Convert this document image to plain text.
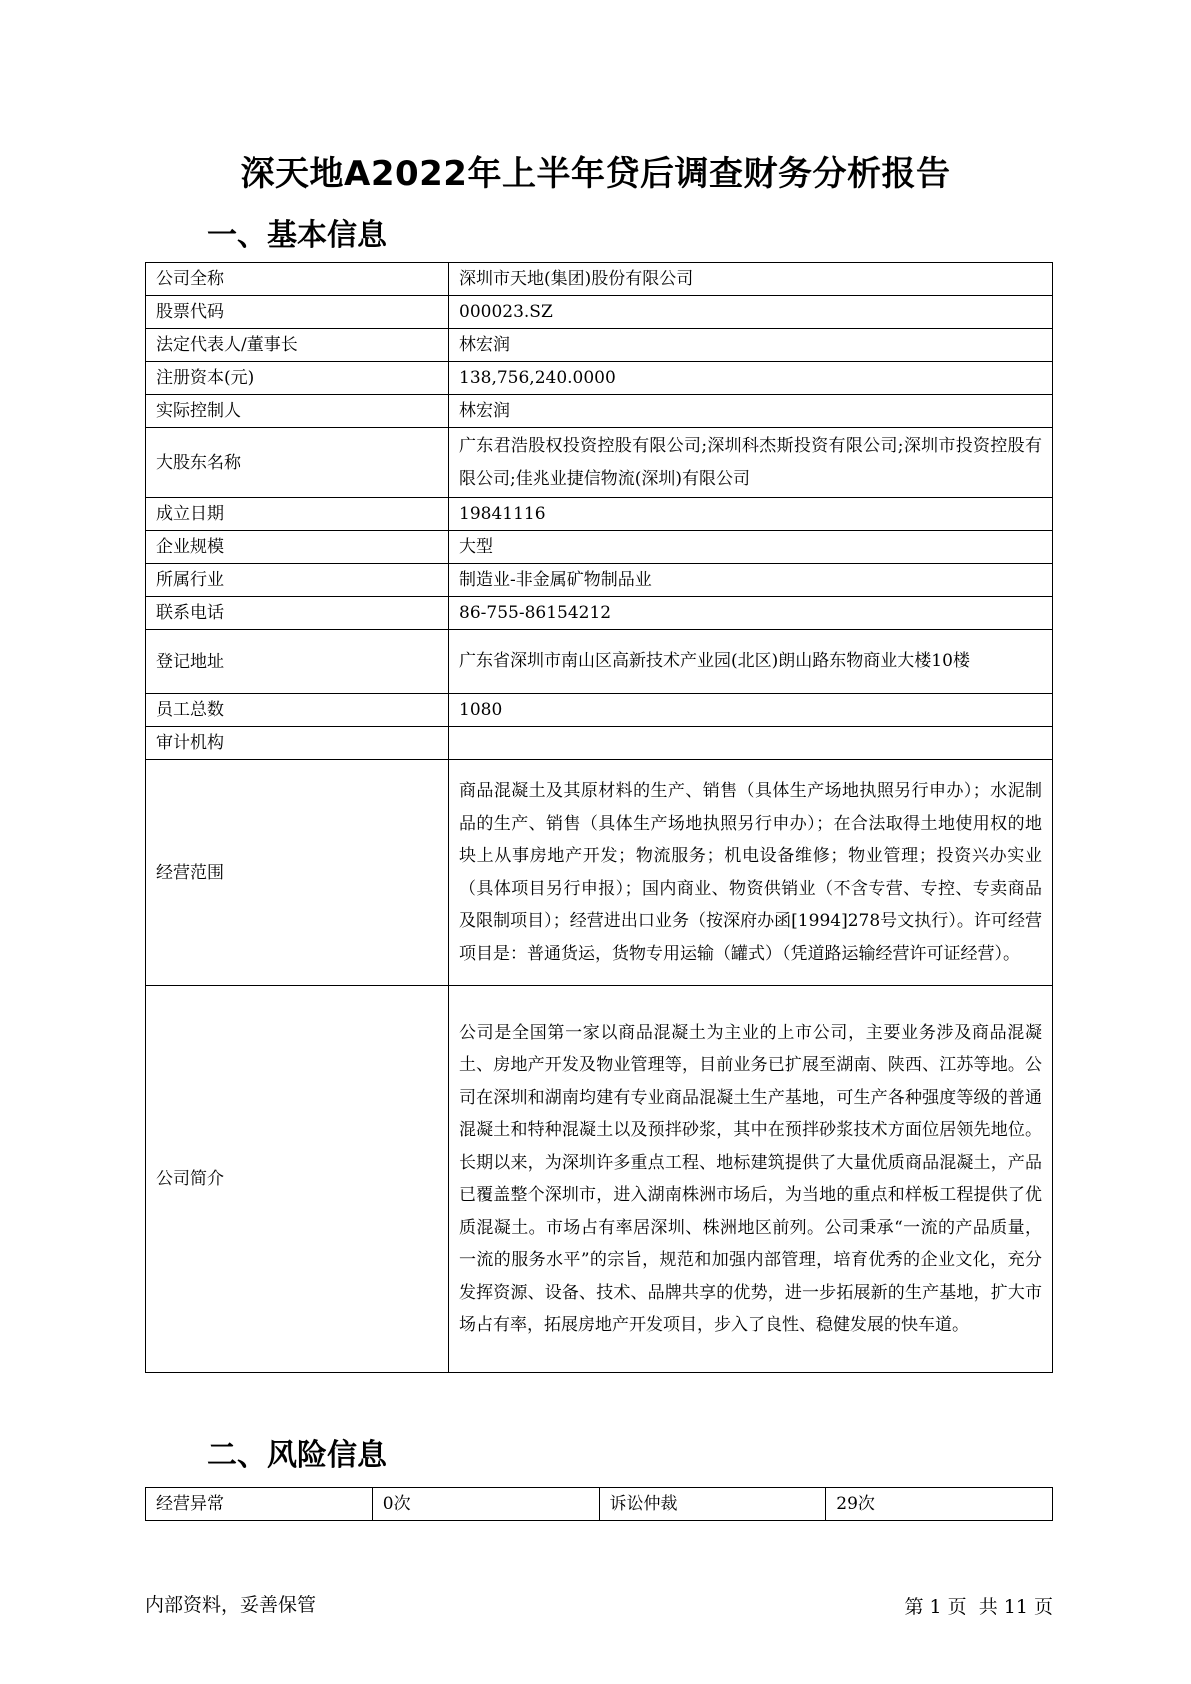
深天地A2022年上半年贷后调查财务分析报告
一、基本信息
公司全称	深圳市天地(集团)股份有限公司
股票代码	000023.SZ
法定代表人/董事长	林宏润
注册资本(元)	138,756,240.0000
实际控制人	林宏润
大股东名称	广东君浩股权投资控股有限公司;深圳科杰斯投资有限公司;深圳市投资控股有限公司;佳兆业捷信物流(深圳)有限公司
成立日期	19841116
企业规模	大型
所属行业	制造业-非金属矿物制品业
联系电话	86-755-86154212
登记地址	广东省深圳市南山区高新技术产业园(北区)朗山路东物商业大楼10楼
员工总数	1080
审计机构	
经营范围	商品混凝土及其原材料的生产、销售（具体生产场地执照另行申办）；水泥制品的生产、销售（具体生产场地执照另行申办）；在合法取得土地使用权的地块上从事房地产开发；物流服务；机电设备维修；物业管理；投资兴办实业（具体项目另行申报）；国内商业、物资供销业（不含专营、专控、专卖商品及限制项目）；经营进出口业务（按深府办函[1994]278号文执行）。许可经营项目是：普通货运，货物专用运输（罐式）（凭道路运输经营许可证经营）。
公司简介	公司是全国第一家以商品混凝土为主业的上市公司，主要业务涉及商品混凝土、房地产开发及物业管理等，目前业务已扩展至湖南、陕西、江苏等地。公司在深圳和湖南均建有专业商品混凝土生产基地，可生产各种强度等级的普通混凝土和特种混凝土以及预拌砂浆，其中在预拌砂浆技术方面位居领先地位。长期以来，为深圳许多重点工程、地标建筑提供了大量优质商品混凝土，产品已覆盖整个深圳市，进入湖南株洲市场后，为当地的重点和样板工程提供了优质混凝土。市场占有率居深圳、株洲地区前列。公司秉承“一流的产品质量，一流的服务水平”的宗旨，规范和加强内部管理，培育优秀的企业文化，充分发挥资源、设备、技术、品牌共享的优势，进一步拓展新的生产基地，扩大市场占有率，拓展房地产开发项目，步入了良性、稳健发展的快车道。
二、风险信息
经营异常	0次	诉讼仲裁	29次
内部资料，妥善保管	第 1 页  共 11 页
